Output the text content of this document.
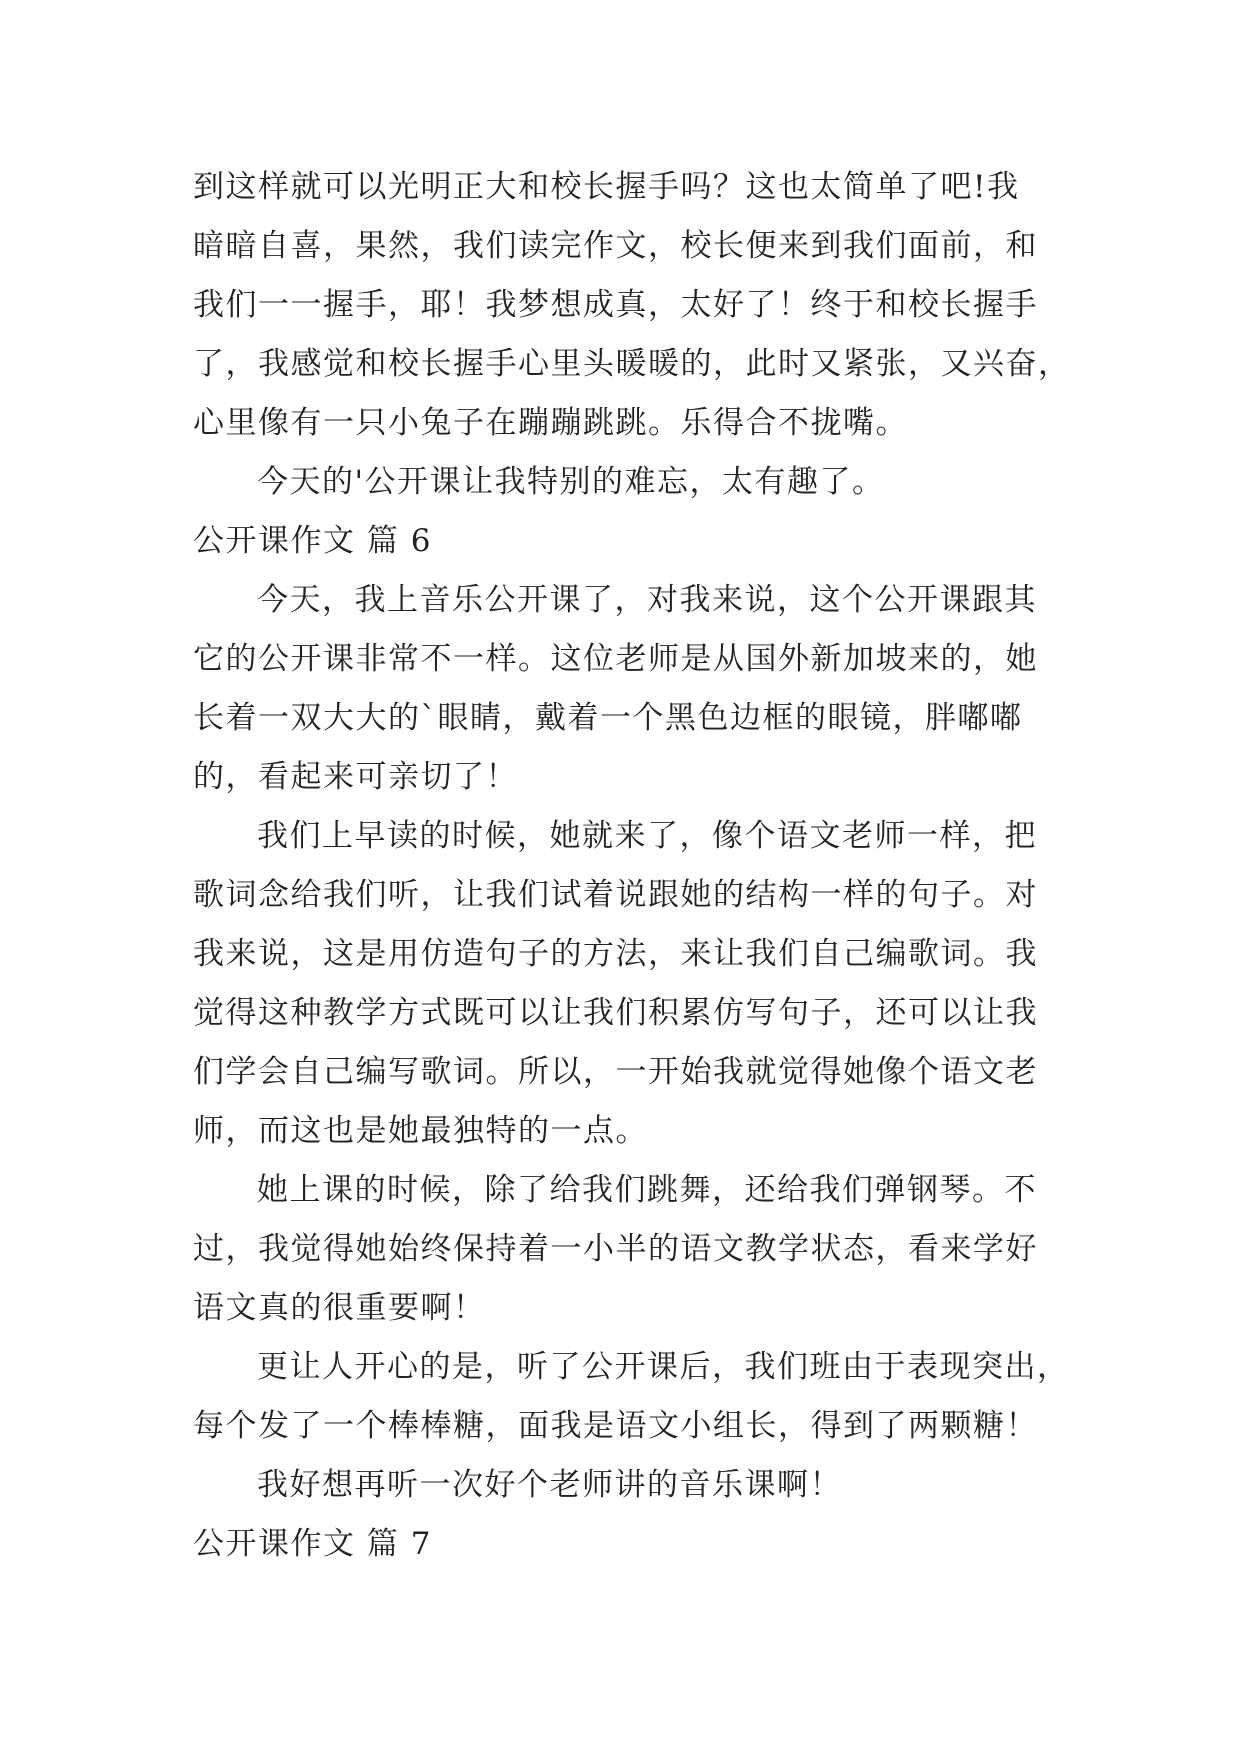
到这样就可以光明正大和校长握手吗？这也太简单了吧!我
暗暗自喜，果然，我们读完作文，校长便来到我们面前，和
我们一一握手，耶！我梦想成真，太好了！终于和校长握手
了，我感觉和校长握手心里头暖暖的，此时又紧张，又兴奋，
心里像有一只小兔子在蹦蹦跳跳。乐得合不拢嘴。
今天的'公开课让我特别的难忘，太有趣了。
公开课作文 篇 6
今天，我上音乐公开课了，对我来说，这个公开课跟其
它的公开课非常不一样。这位老师是从国外新加坡来的，她
长着一双大大的`眼睛，戴着一个黑色边框的眼镜，胖嘟嘟
的，看起来可亲切了！
我们上早读的时候，她就来了，像个语文老师一样，把
歌词念给我们听，让我们试着说跟她的结构一样的句子。对
我来说，这是用仿造句子的方法，来让我们自己编歌词。我
觉得这种教学方式既可以让我们积累仿写句子，还可以让我
们学会自己编写歌词。所以，一开始我就觉得她像个语文老
师，而这也是她最独特的一点。
她上课的时候，除了给我们跳舞，还给我们弹钢琴。不
过，我觉得她始终保持着一小半的语文教学状态，看来学好
语文真的很重要啊！
更让人开心的是，听了公开课后，我们班由于表现突出，
每个发了一个棒棒糖，面我是语文小组长，得到了两颗糖！
我好想再听一次好个老师讲的音乐课啊！
公开课作文 篇 7
